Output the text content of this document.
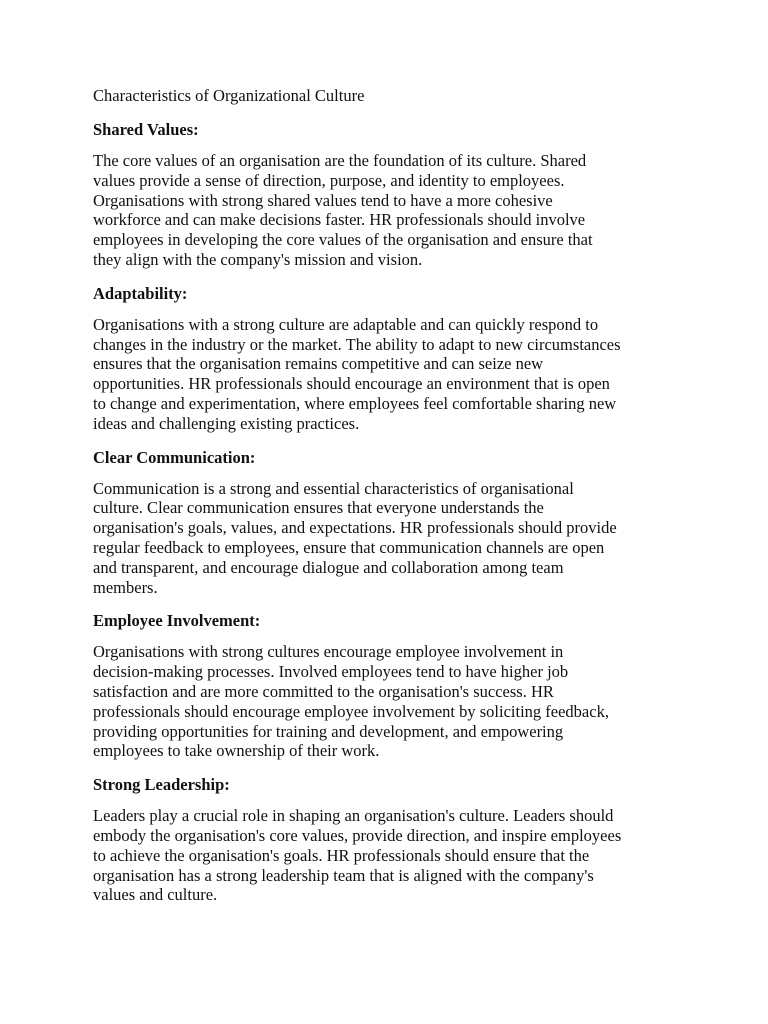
Characteristics of Organizational Culture
Shared Values:

The core values of an organisation are the foundation of its culture. Shared
values provide a sense of direction, purpose, and identity to employees.
Organisations with strong shared values tend to have a more cohesive
workforce and can make decisions faster. HR professionals should involve
employees in developing the core values of the organisation and ensure that
they align with the company's mission and vision.

Adaptability:

Organisations with a strong culture are adaptable and can quickly respond to
changes in the industry or the market. The ability to adapt to new circumstances
ensures that the organisation remains competitive and can seize new
opportunities. HR professionals should encourage an environment that is open
to change and experimentation, where employees feel comfortable sharing new
ideas and challenging existing practices.

Clear Communication:

Communication is a strong and essential characteristics of organisational
culture. Clear communication ensures that everyone understands the
organisation's goals, values, and expectations. HR professionals should provide
regular feedback to employees, ensure that communication channels are open
and transparent, and encourage dialogue and collaboration among team
members.

Employee Involvement:

Organisations with strong cultures encourage employee involvement in
decision-making processes. Involved employees tend to have higher job
satisfaction and are more committed to the organisation's success. HR
professionals should encourage employee involvement by soliciting feedback,
providing opportunities for training and development, and empowering
employees to take ownership of their work.

Strong Leadership:

Leaders play a crucial role in shaping an organisation's culture. Leaders should
embody the organisation's core values, provide direction, and inspire employees
to achieve the organisation's goals. HR professionals should ensure that the
organisation has a strong leadership team that is aligned with the company's
values and culture.
